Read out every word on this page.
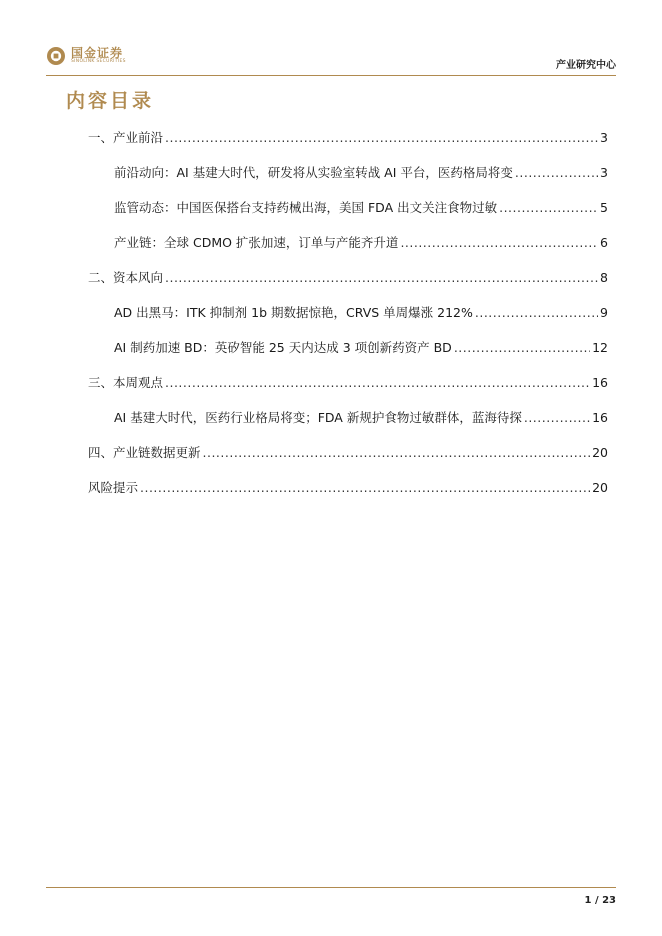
国金证券
SINOLINK SECURITIES	产业研究中心
内容目录
一、产业前沿 .....	3
前沿动向：AI 基建大时代，研发将从实验室转战 AI 平台，医药格局将变 .....	3
监管动态：中国医保搭台支持药械出海，美国 FDA 出文关注食物过敏 .....	5
产业链：全球 CDMO 扩张加速，订单与产能齐升道 .....	6
二、资本风向 .....	8
AD 出黑马：ITK 抑制剂 1b 期数据惊艳，CRVS 单周爆涨 212% .....	9
AI 制药加速 BD：英矽智能 25 天内达成 3 项创新药资产 BD .....	12
三、本周观点 .....	16
AI 基建大时代，医药行业格局将变；FDA 新规护食物过敏群体，蓝海待探 .....	16
四、产业链数据更新 .....	20
风险提示 .....	20
1 / 23
